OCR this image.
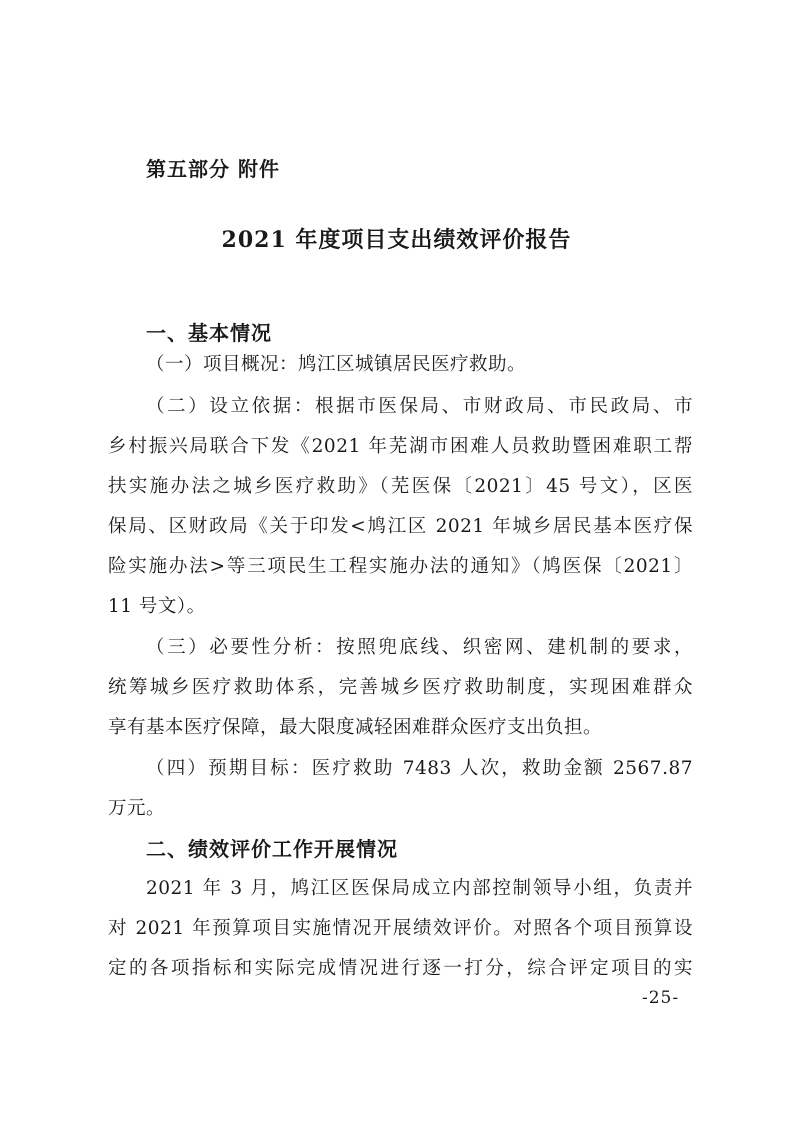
第五部分 附件
2021 年度项目支出绩效评价报告
一、基本情况
（一）项目概况：鸠江区城镇居民医疗救助。
（二）设立依据：根据市医保局、市财政局、市民政局、市
乡村振兴局联合下发《2021 年芜湖市困难人员救助暨困难职工帮
扶实施办法之城乡医疗救助》（芜医保〔2021〕45 号文），区医
保局、区财政局《关于印发<鸠江区 2021 年城乡居民基本医疗保
险实施办法>等三项民生工程实施办法的通知》（鸠医保〔2021〕
11 号文）。
（三）必要性分析：按照兜底线、织密网、建机制的要求，
统筹城乡医疗救助体系，完善城乡医疗救助制度，实现困难群众
享有基本医疗保障，最大限度减轻困难群众医疗支出负担。
（四）预期目标：医疗救助 7483 人次，救助金额 2567.87
万元。
二、绩效评价工作开展情况
2021 年 3 月，鸠江区医保局成立内部控制领导小组，负责并
对 2021 年预算项目实施情况开展绩效评价。对照各个项目预算设
定的各项指标和实际完成情况进行逐一打分，综合评定项目的实
-25-
